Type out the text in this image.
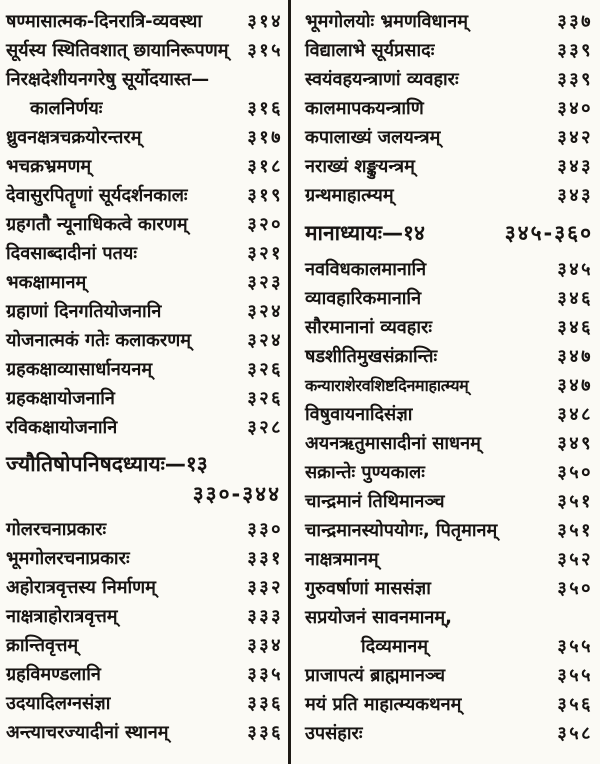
षण्मासात्मक-दिनरात्रि-व्यवस्था	३१४
सूर्यस्य स्थितिवशात् छायानिरूपणम्	३१५
निरक्षदेशीयनगरेषु सूर्योदयास्त—
कालनिर्णयः	३१६
ध्रुवनक्षत्रचक्रयोरन्तरम्	३१७
भचक्रभ्रमणम्	३१८
देवासुरपितॄणां सूर्यदर्शनकालः	३१९
ग्रहगतौ न्यूनाधिकत्वे कारणम्	३२०
दिवसाब्दादीनां पतयः	३२१
भकक्षामानम्	३२३
ग्रहाणां दिनगतियोजनानि	३२४
योजनात्मकं गतेः कलाकरणम्	३२४
ग्रहकक्षाव्यासार्धानयनम्	३२६
ग्रहकक्षायोजनानि	३२६
रविकक्षायोजनानि	३२८
ज्यौतिषोपनिषदध्यायः—१३
३३०-३४४
गोलरचनाप्रकारः	३३०
भूमगोलरचनाप्रकारः	३३१
अहोरात्रवृत्तस्य निर्माणम्	३३२
नाक्षत्राहोरात्रवृत्तम्	३३३
क्रान्तिवृत्तम्	३३४
ग्रहविमण्डलानि	३३५
उदयादिलग्नसंज्ञा	३३६
अन्त्याचरज्यादीनां स्थानम्	३३६
भूमगोलयोः भ्रमणविधानम्	३३७
विद्यालाभे सूर्यप्रसादः	३३९
स्वयंवहयन्त्राणां व्यवहारः	३३९
कालमापकयन्त्राणि	३४०
कपालाख्यं जलयन्त्रम्	३४२
नराख्यं शङ्कुयन्त्रम्	३४३
ग्रन्थमाहात्म्यम्	३४३
मानाध्यायः—१४	३४५-३६०
नवविधकालमानानि	३४५
व्यावहारिकमानानि	३४६
सौरमानानां व्यवहारः	३४६
षडशीतिमुखसंक्रान्तिः	३४७
कन्याराशेरवशिष्टदिनमाहात्म्यम्	३४७
विषुवायनादिसंज्ञा	३४८
अयनऋतुमासादीनां साधनम्	३४९
सक्रान्तेः पुण्यकालः	३५०
चान्द्रमानं तिथिमानञ्च	३५१
चान्द्रमानस्योपयोगः, पितृमानम्	३५१
नाक्षत्रमानम्	३५२
गुरुवर्षाणां माससंज्ञा	३५०
सप्रयोजनं सावनमानम्,
दिव्यमानम्	३५५
प्राजापत्यं ब्राह्ममानञ्च	३५५
मयं प्रति माहात्म्यकथनम्	३५६
उपसंहारः	३५८
